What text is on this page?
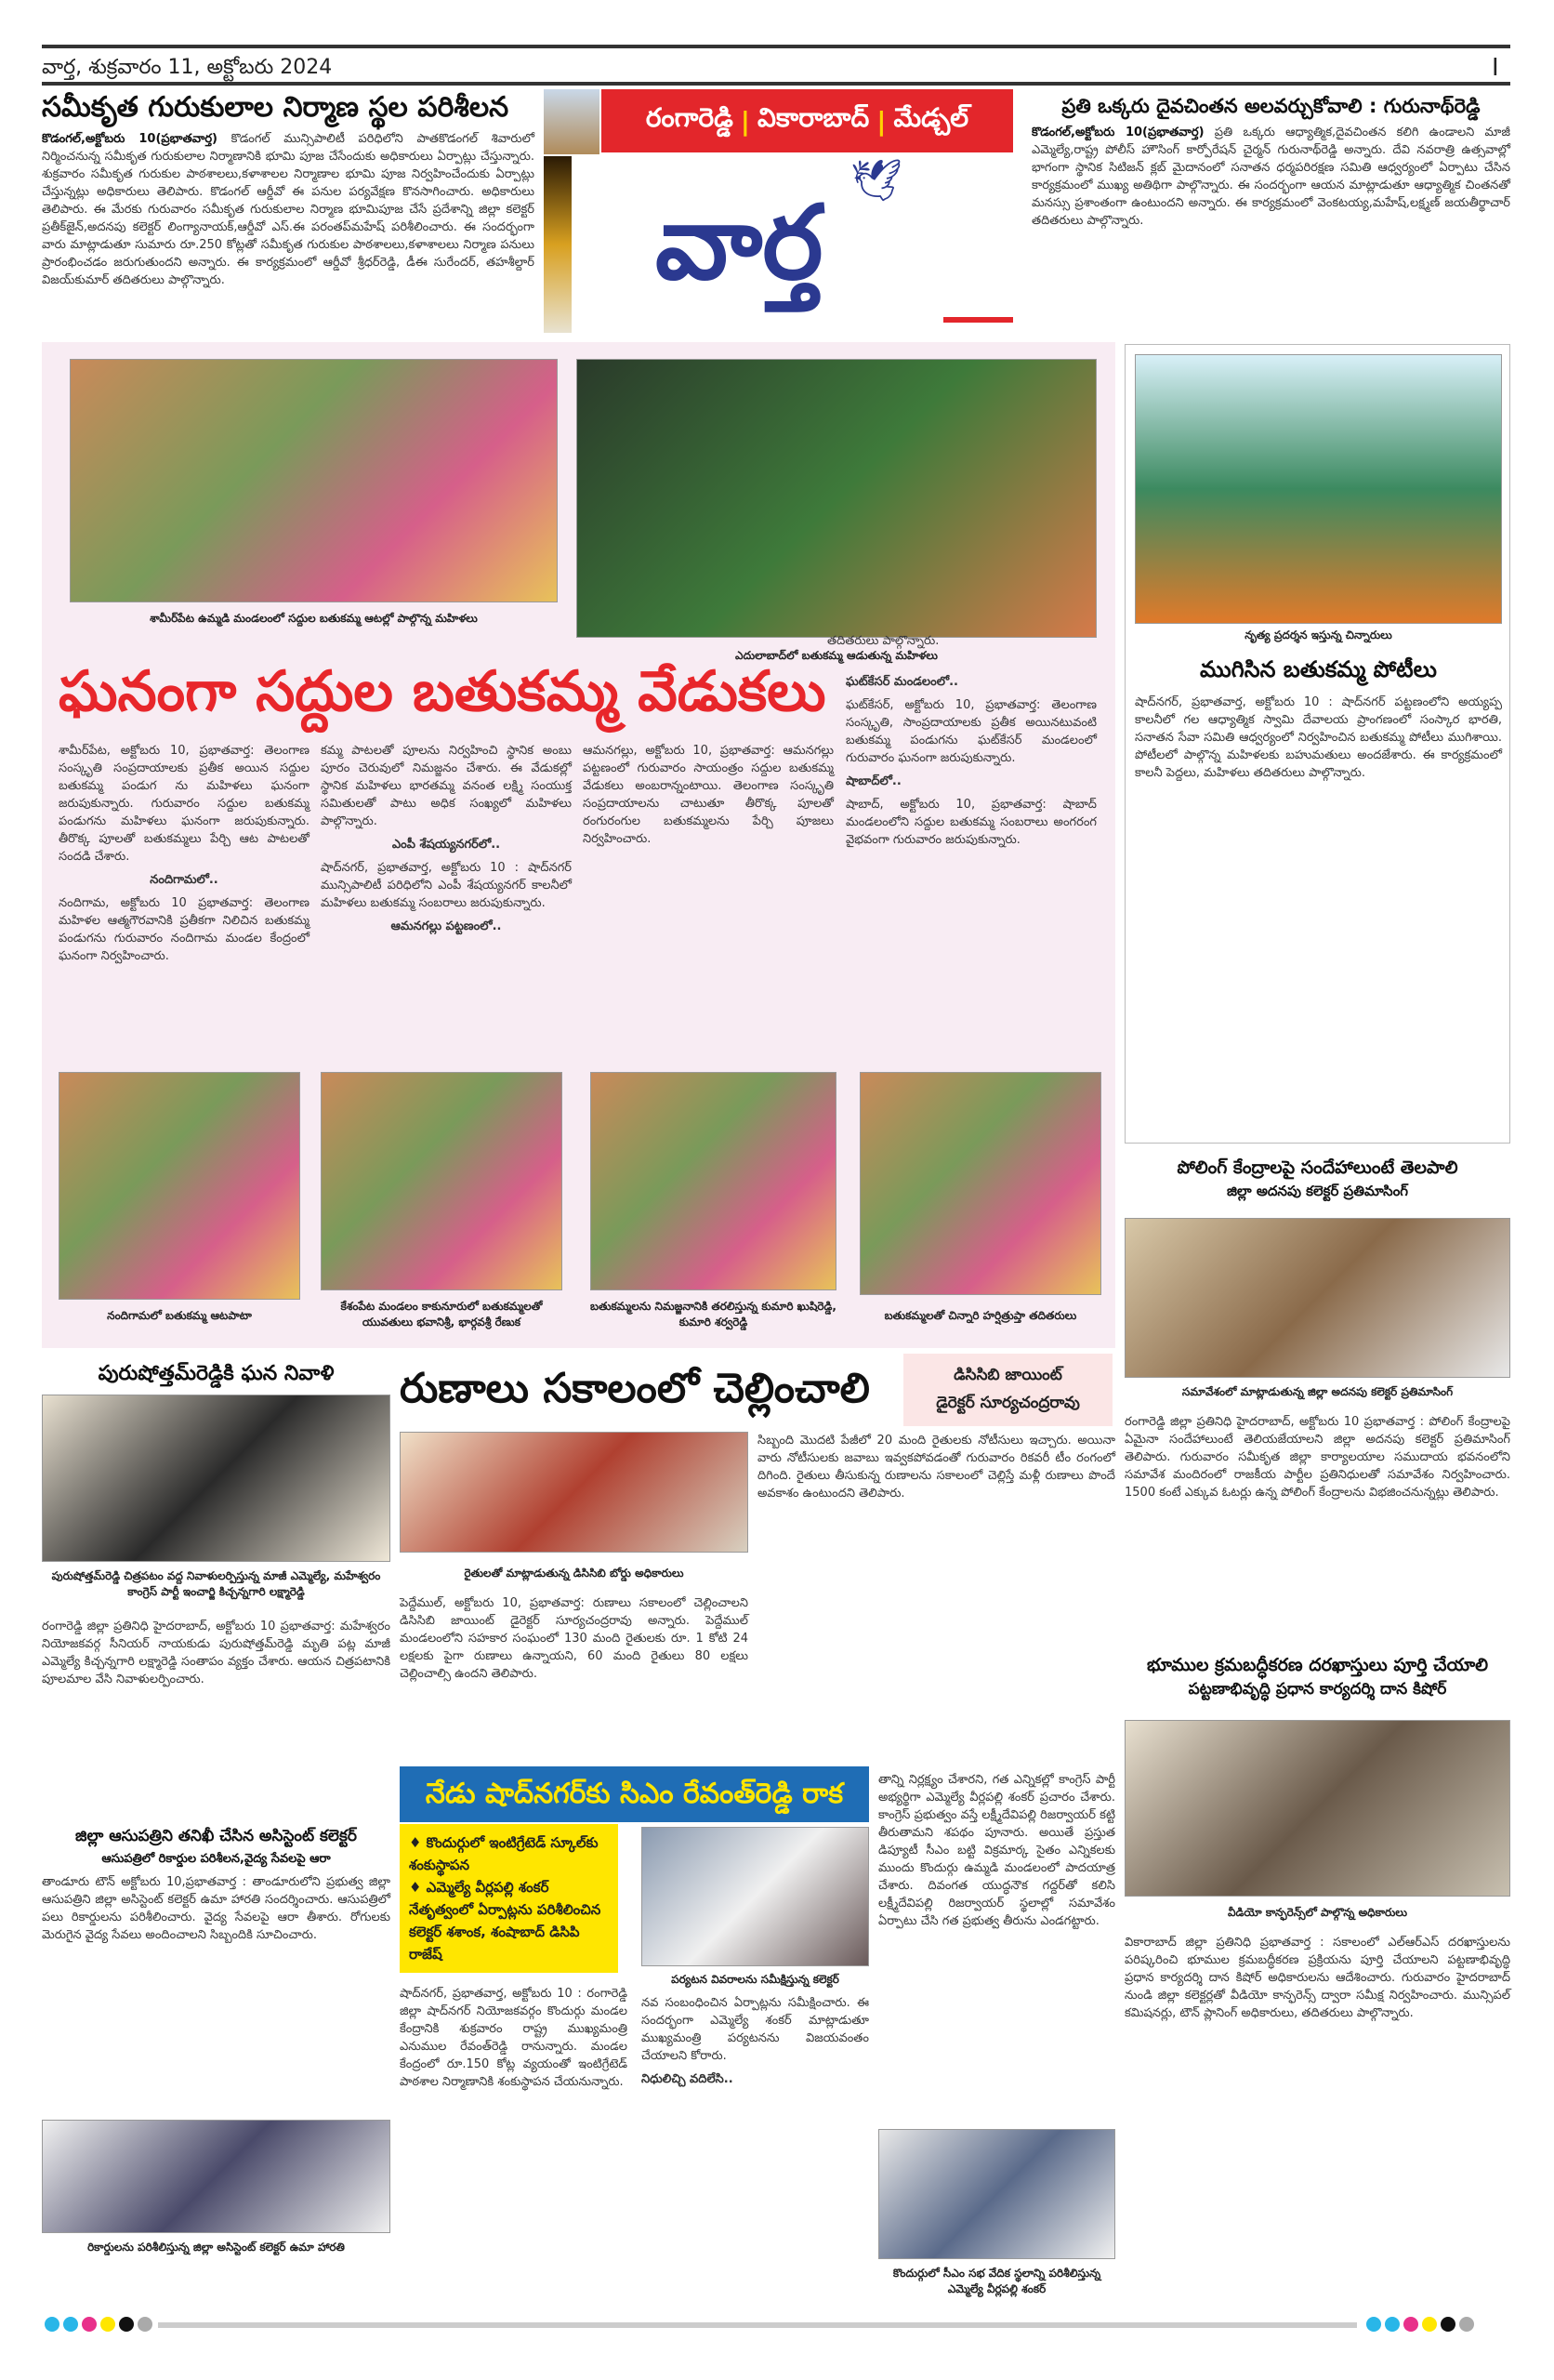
వార్త, శుక్రవారం 11, అక్టోబరు 2024	I
సమీకృత గురుకులాల నిర్మాణ స్థల పరిశీలన
కొడంగల్,అక్టోబరు 10(ప్రభాతవార్త) కొడంగల్ మున్సిపాలిటీ పరిధిలోని పాతకొడంగల్ శివారులో నిర్మించనున్న సమీకృత గురుకులాల నిర్మాణానికి భూమి పూజ చేసేందుకు అధికారులు ఏర్పాట్లు చేస్తున్నారు. శుక్రవారం సమీకృత గురుకుల పాఠశాలలు,కళాశాలల నిర్మాణాల భూమి పూజ నిర్వహించేందుకు ఏర్పాట్లు చేస్తున్నట్లు అధికారులు తెలిపారు. కొడంగల్ ఆర్డీవో ఈ పనుల పర్యవేక్షణ కొనసాగించారు. అధికారులు తెలిపారు. ఈ మేరకు గురువారం సమీకృత గురుకులాల నిర్మాణ భూమిపూజ చేసే ప్రదేశాన్ని జిల్లా కలెక్టర్ ప్రతీక్‌జైన్,అదనపు కలెక్టర్ లింగ్యానాయక్,ఆర్డీవో ఎస్.ఈ పరంతప్‌మహేష్ పరిశీలించారు. ఈ సందర్భంగా వారు మాట్లాడుతూ సుమారు రూ.250 కోట్లతో సమీకృత గురుకుల పాఠశాలలు,కళాశాలలు నిర్మాణ పనులు ప్రారంభించడం జరుగుతుందని అన్నారు. ఈ కార్యక్రమంలో ఆర్డీవో శ్రీధర్‌రెడ్డి, డీఈ సురేందర్, తహశీల్దార్ విజయ్‌కుమార్ తదితరులు పాల్గొన్నారు.
రంగారెడ్డి | వికారాబాద్ | మేడ్చల్
🕊
వార్త
ప్రతి ఒక్కరు దైవచింతన అలవర్చుకోవాలి : గురునాథ్‌రెడ్డి
కొడంగల్,అక్టోబరు 10(ప్రభాతవార్త) ప్రతి ఒక్కరు ఆధ్యాత్మిక,దైవచింతన కలిగి ఉండాలని మాజీ ఎమ్మెల్యే,రాష్ట్ర పోలీస్ హౌసింగ్ కార్పోరేషన్ చైర్మన్ గురునాథ్‌రెడ్డి అన్నారు. దేవి నవరాత్రి ఉత్సవాల్లో భాగంగా స్థానిక సిటిజన్ క్లబ్ మైదానంలో సనాతన ధర్మపరిరక్షణ సమితి ఆధ్వర్యంలో ఏర్పాటు చేసిన కార్యక్రమంలో ముఖ్య అతిథిగా పాల్గొన్నారు. ఈ సందర్భంగా ఆయన మాట్లాడుతూ ఆధ్యాత్మిక చింతనతో మనస్సు ప్రశాంతంగా ఉంటుందని అన్నారు. ఈ కార్యక్రమంలో వెంకటయ్య,మహేష్,లక్ష్మణ్ జయతీర్థాచార్ తదితరులు పాల్గొన్నారు.
శామీర్‌పేట ఉమ్మడి మండలంలో సద్దుల బతుకమ్మ ఆటల్లో పాల్గొన్న మహిళలు
ఎదులాబాద్‌లో బతుకమ్మ ఆడుతున్న మహిళలు
ఘనంగా సద్దుల బతుకమ్మ వేడుకలు
తదితరులు పాల్గొన్నారు.
శామీర్‌పేట, అక్టోబరు 10, ప్రభాతవార్త: తెలంగాణ సంస్కృతి సంప్రదాయాలకు ప్రతీక అయిన సద్దుల బతుకమ్మ పండుగ ను మహిళలు ఘనంగా జరుపుకున్నారు. గురువారం సద్దుల బతుకమ్మ పండుగను మహిళలు ఘనంగా జరుపుకున్నారు. తీరొక్క పూలతో బతుకమ్మలు పేర్చి ఆట పాటలతో సందడి చేశారు.
నందిగామలో..
నందిగామ, అక్టోబరు 10 ప్రభాతవార్త: తెలంగాణ మహిళల ఆత్మగౌరవానికి ప్రతీకగా నిలిచిన బతుకమ్మ పండుగను గురువారం నందిగామ మండల కేంద్రంలో ఘనంగా నిర్వహించారు.
కమ్మ పాటలతో పూలను నిర్వహించి స్థానిక అంబు పూరం చెరువులో నిమజ్జనం చేశారు. ఈ వేడుకల్లో స్థానిక మహిళలు భారతమ్మ వనంత లక్ష్మి సంయుక్త సమితులతో పాటు అధిక సంఖ్యలో మహిళలు పాల్గొన్నారు.
ఎంపీ శేషయ్యనగర్‌లో..
షాద్‌నగర్, ప్రభాతవార్త, అక్టోబరు 10 : షాద్‌నగర్ మున్సిపాలిటీ పరిధిలోని ఎంపీ శేషయ్యనగర్ కాలనీలో మహిళలు బతుకమ్మ సంబరాలు జరుపుకున్నారు.
ఆమనగల్లు పట్టణంలో..
ఆమనగల్లు, అక్టోబరు 10, ప్రభాతవార్త: ఆమనగల్లు పట్టణంలో గురువారం సాయంత్రం సద్దుల బతుకమ్మ వేడుకలు అంబరాన్నంటాయి. తెలంగాణ సంస్కృతి సంప్రదాయాలను చాటుతూ తీరొక్క పూలతో రంగురంగుల బతుకమ్మలను పేర్చి పూజలు నిర్వహించారు.
ఘట్‌కేసర్ మండలంలో..
ఘట్‌కేసర్, అక్టోబరు 10, ప్రభాతవార్త: తెలంగాణ సంస్కృతి, సాంప్రదాయాలకు ప్రతీక అయినటువంటి బతుకమ్మ పండుగను ఘట్‌కేసర్ మండలంలో గురువారం ఘనంగా జరుపుకున్నారు.
షాబాద్‌లో..
షాబాద్, అక్టోబరు 10, ప్రభాతవార్త: షాబాద్ మండలంలోని సద్దుల బతుకమ్మ సంబరాలు అంగరంగ వైభవంగా గురువారం జరుపుకున్నారు.
నందిగామలో బతుకమ్మ ఆటపాటా
కేశంపేట మండలం కాకునూరులో బతుకమ్మలతో యువతులు భవానిశ్రీ, భార్గవశ్రీ రేణుక
బతుకమ్మలను నిమజ్జనానికి తరలిస్తున్న కుమారి ఖుషిరెడ్డి, కుమారి శర్వరెడ్డి	బతుకమ్మలతో చిన్నారి హర్షిత్రుప్తా తదితరులు
నృత్య ప్రదర్శన ఇస్తున్న చిన్నారులు
ముగిసిన బతుకమ్మ పోటీలు
షాద్‌నగర్, ప్రభాతవార్త, అక్టోబరు 10 : షాద్‌నగర్ పట్టణంలోని అయ్యప్ప కాలనీలో గల ఆధ్యాత్మిక స్వామి దేవాలయ ప్రాంగణంలో సంస్కార భారతి, సనాతన సేవా సమితి ఆధ్వర్యంలో నిర్వహించిన బతుకమ్మ పోటీలు ముగిశాయి. పోటీలలో పాల్గొన్న మహిళలకు బహుమతులు అందజేశారు. ఈ కార్యక్రమంలో కాలనీ పెద్దలు, మహిళలు తదితరులు పాల్గొన్నారు.
పోలింగ్ కేంద్రాలపై సందేహాలుంటే తెలపాలి
జిల్లా అదనపు కలెక్టర్ ప్రతిమాసింగ్
సమావేశంలో మాట్లాడుతున్న జిల్లా అదనపు కలెక్టర్ ప్రతిమాసింగ్
రంగారెడ్డి జిల్లా ప్రతినిధి హైదరాబాద్, అక్టోబరు 10 ప్రభాతవార్త : పోలింగ్ కేంద్రాలపై ఏమైనా సందేహాలుంటే తెలియజేయాలని జిల్లా అదనపు కలెక్టర్ ప్రతిమాసింగ్ తెలిపారు. గురువారం సమీకృత జిల్లా కార్యాలయాల సముదాయ భవనంలోని సమావేశ మందిరంలో రాజకీయ పార్టీల ప్రతినిధులతో సమావేశం నిర్వహించారు. 1500 కంటే ఎక్కువ ఓటర్లు ఉన్న పోలింగ్ కేంద్రాలను విభజించనున్నట్లు తెలిపారు.
భూముల క్రమబద్ధీకరణ దరఖాస్తులు పూర్తి చేయాలి
పట్టణాభివృద్ధి ప్రధాన కార్యదర్శి దాన కిషోర్
వీడియో కాన్ఫరెన్స్‌లో పాల్గొన్న అధికారులు
వికారాబాద్ జిల్లా ప్రతినిధి ప్రభాతవార్త : సకాలంలో ఎల్‌ఆర్‌ఎస్ దరఖాస్తులను పరిష్కరించి భూముల క్రమబద్ధీకరణ ప్రక్రియను పూర్తి చేయాలని పట్టణాభివృద్ధి ప్రధాన కార్యదర్శి దాన కిషోర్ అధికారులను ఆదేశించారు. గురువారం హైదరాబాద్ నుండి జిల్లా కలెక్టర్లతో వీడియో కాన్ఫరెన్స్ ద్వారా సమీక్ష నిర్వహించారు. మున్సిపల్ కమిషనర్లు, టౌన్ ప్లానింగ్ అధికారులు, తదితరులు పాల్గొన్నారు.
పురుషోత్తమ్‌రెడ్డికి ఘన నివాళి
పురుషోత్తమ్‌రెడ్డి చిత్రపటం వద్ద నివాళులర్పిస్తున్న మాజీ ఎమ్మెల్యే, మహేశ్వరం కాంగ్రెస్ పార్టీ ఇంచార్జి కిచ్చన్నగారి లక్ష్మారెడ్డి
రంగారెడ్డి జిల్లా ప్రతినిధి హైదరాబాద్, అక్టోబరు 10 ప్రభాతవార్త: మహేశ్వరం నియోజకవర్గ సీనియర్ నాయకుడు పురుషోత్తమ్‌రెడ్డి మృతి పట్ల మాజీ ఎమ్మెల్యే కిచ్చన్నగారి లక్ష్మారెడ్డి సంతాపం వ్యక్తం చేశారు. ఆయన చిత్రపటానికి పూలమాల వేసి నివాళులర్పించారు.
జిల్లా ఆసుపత్రిని తనిఖీ చేసిన అసిస్టెంట్ కలెక్టర్
ఆసుపత్రిలో రికార్డుల పరిశీలన,వైద్య సేవలపై ఆరా
తాండూరు టౌన్ అక్టోబరు 10,ప్రభాతవార్త : తాండూరులోని ప్రభుత్వ జిల్లా ఆసుపత్రిని జిల్లా అసిస్టెంట్ కలెక్టర్ ఉమా హారతి సందర్శించారు. ఆసుపత్రిలో పలు రికార్డులను పరిశీలించారు. వైద్య సేవలపై ఆరా తీశారు. రోగులకు మెరుగైన వైద్య సేవలు అందించాలని సిబ్బందికి సూచించారు.
రికార్డులను పరిశీలిస్తున్న జిల్లా అసిస్టెంట్ కలెక్టర్ ఉమా హారతి
రుణాలు సకాలంలో చెల్లించాలి	డిసిసిబి జాయింట్
డైరెక్టర్ సూర్యచంద్రరావు
రైతులతో మాట్లాడుతున్న డిసిసిబి బోర్డు అధికారులు
పెద్దేముల్, అక్టోబరు 10, ప్రభాతవార్త: రుణాలు సకాలంలో చెల్లించాలని డిసిసిబి జాయింట్ డైరెక్టర్ సూర్యచంద్రరావు అన్నారు. పెద్దేముల్ మండలంలోని సహకార సంఘంలో 130 మంది రైతులకు రూ. 1 కోటి 24 లక్షలకు పైగా రుణాలు ఉన్నాయని, 60 మంది రైతులు 80 లక్షలు చెల్లించాల్సి ఉందని తెలిపారు.
సిబ్బంది మొదటి పేజీలో 20 మంది రైతులకు నోటీసులు ఇచ్చారు. అయినా వారు నోటీసులకు జవాబు ఇవ్వకపోవడంతో గురువారం రికవరీ టీం రంగంలో దిగింది. రైతులు తీసుకున్న రుణాలను సకాలంలో చెల్లిస్తే మళ్లీ రుణాలు పొందే అవకాశం ఉంటుందని తెలిపారు.
నేడు షాద్‌నగర్‌కు సిఎం రేవంత్‌రెడ్డి రాక
♦ కొందుర్గులో ఇంటిగ్రేటెడ్ స్కూల్‌కు శంకుస్థాపన
♦ ఎమ్మెల్యే వీర్లపల్లి శంకర్ నేతృత్వంలో ఏర్పాట్లను పరిశీలించిన కలెక్టర్ శశాంక, శంషాబాద్ డిసిపి రాజేష్
పర్యటన వివరాలను సమీక్షిస్తున్న కలెక్టర్
షాద్‌నగర్, ప్రభాతవార్త, అక్టోబరు 10 : రంగారెడ్డి జిల్లా షాద్‌నగర్ నియోజకవర్గం కొందుర్గు మండల కేంద్రానికి శుక్రవారం రాష్ట్ర ముఖ్యమంత్రి ఎనుముల రేవంత్‌రెడ్డి రానున్నారు. మండల కేంద్రంలో రూ.150 కోట్ల వ్యయంతో ఇంటిగ్రేటెడ్ పాఠశాల నిర్మాణానికి శంకుస్థాపన చేయనున్నారు.
నవ సంబంధించిన ఏర్పాట్లను సమీక్షించారు. ఈ సందర్భంగా ఎమ్మెల్యే శంకర్ మాట్లాడుతూ ముఖ్యమంత్రి పర్యటనను విజయవంతం చేయాలని కోరారు.
నిధులిచ్చి వదిలేసి..
తాన్ని నిర్లక్ష్యం చేశారని, గత ఎన్నికల్లో కాంగ్రెస్ పార్టీ అభ్యర్థిగా ఎమ్మెల్యే వీర్లపల్లి శంకర్ ప్రచారం చేశారు. కాంగ్రెస్ ప్రభుత్వం వస్తే లక్ష్మీదేవిపల్లి రిజర్వాయర్ కట్టి తీరుతామని శపథం పూనారు. అయితే ప్రస్తుత డిప్యూటీ సీఎం బట్టి విక్రమార్క సైతం ఎన్నికలకు ముందు కొందుర్గు ఉమ్మడి మండలంలో పాదయాత్ర చేశారు. దివంగత యుద్ధనౌక గద్దర్‌తో కలిసి లక్ష్మీదేవిపల్లి రిజర్వాయర్ స్థలాల్లో సమావేశం ఏర్పాటు చేసి గత ప్రభుత్వ తీరును ఎండగట్టారు.
కొందుర్గులో సీఎం సభ వేదిక స్థలాన్ని పరిశీలిస్తున్న ఎమ్మెల్యే వీర్లపల్లి శంకర్
